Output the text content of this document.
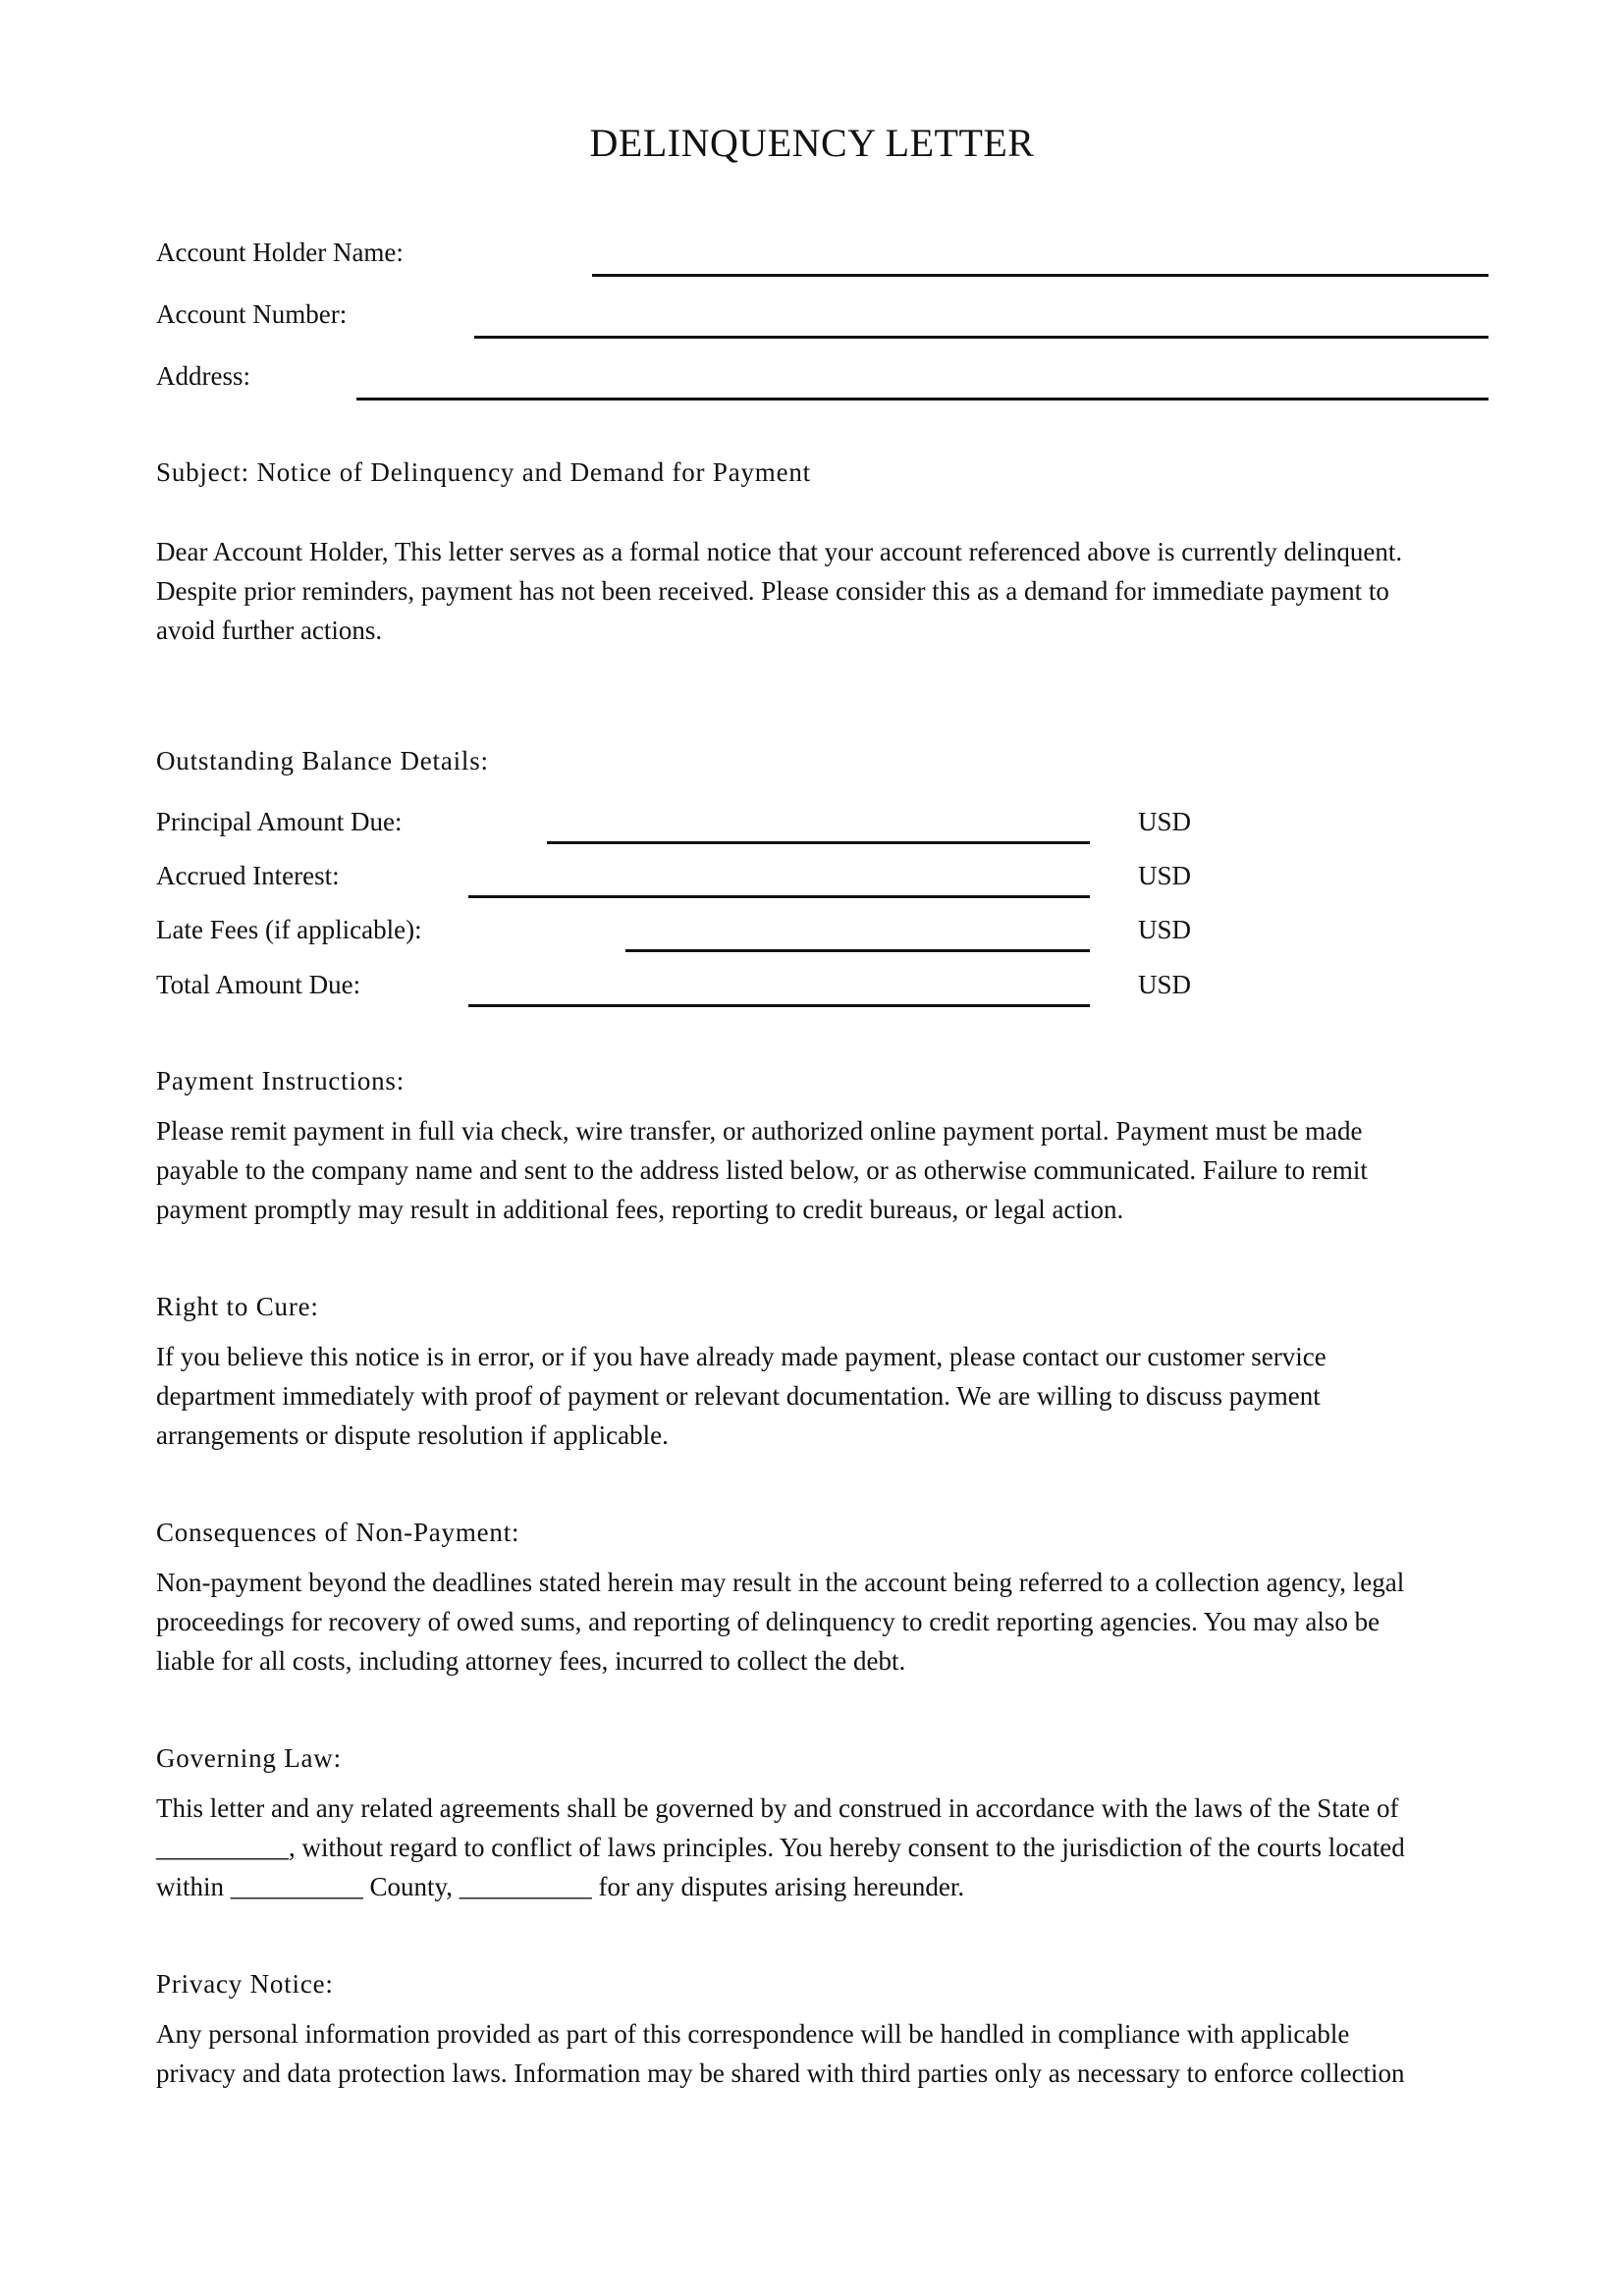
DELINQUENCY LETTER
Account Holder Name:
Account Number:
Address:
Subject: Notice of Delinquency and Demand for Payment
Dear Account Holder, This letter serves as a formal notice that your account referenced above is currently delinquent.
Despite prior reminders, payment has not been received. Please consider this as a demand for immediate payment to
avoid further actions.
Outstanding Balance Details:
Principal Amount Due:	USD
Accrued Interest:	USD
Late Fees (if applicable):	USD
Total Amount Due:	USD
Payment Instructions:
Please remit payment in full via check, wire transfer, or authorized online payment portal. Payment must be made
payable to the company name and sent to the address listed below, or as otherwise communicated. Failure to remit
payment promptly may result in additional fees, reporting to credit bureaus, or legal action.
Right to Cure:
If you believe this notice is in error, or if you have already made payment, please contact our customer service
department immediately with proof of payment or relevant documentation. We are willing to discuss payment
arrangements or dispute resolution if applicable.
Consequences of Non-Payment:
Non-payment beyond the deadlines stated herein may result in the account being referred to a collection agency, legal
proceedings for recovery of owed sums, and reporting of delinquency to credit reporting agencies. You may also be
liable for all costs, including attorney fees, incurred to collect the debt.
Governing Law:
This letter and any related agreements shall be governed by and construed in accordance with the laws of the State of
__________, without regard to conflict of laws principles. You hereby consent to the jurisdiction of the courts located
within __________ County, __________ for any disputes arising hereunder.
Privacy Notice:
Any personal information provided as part of this correspondence will be handled in compliance with applicable
privacy and data protection laws. Information may be shared with third parties only as necessary to enforce collection
